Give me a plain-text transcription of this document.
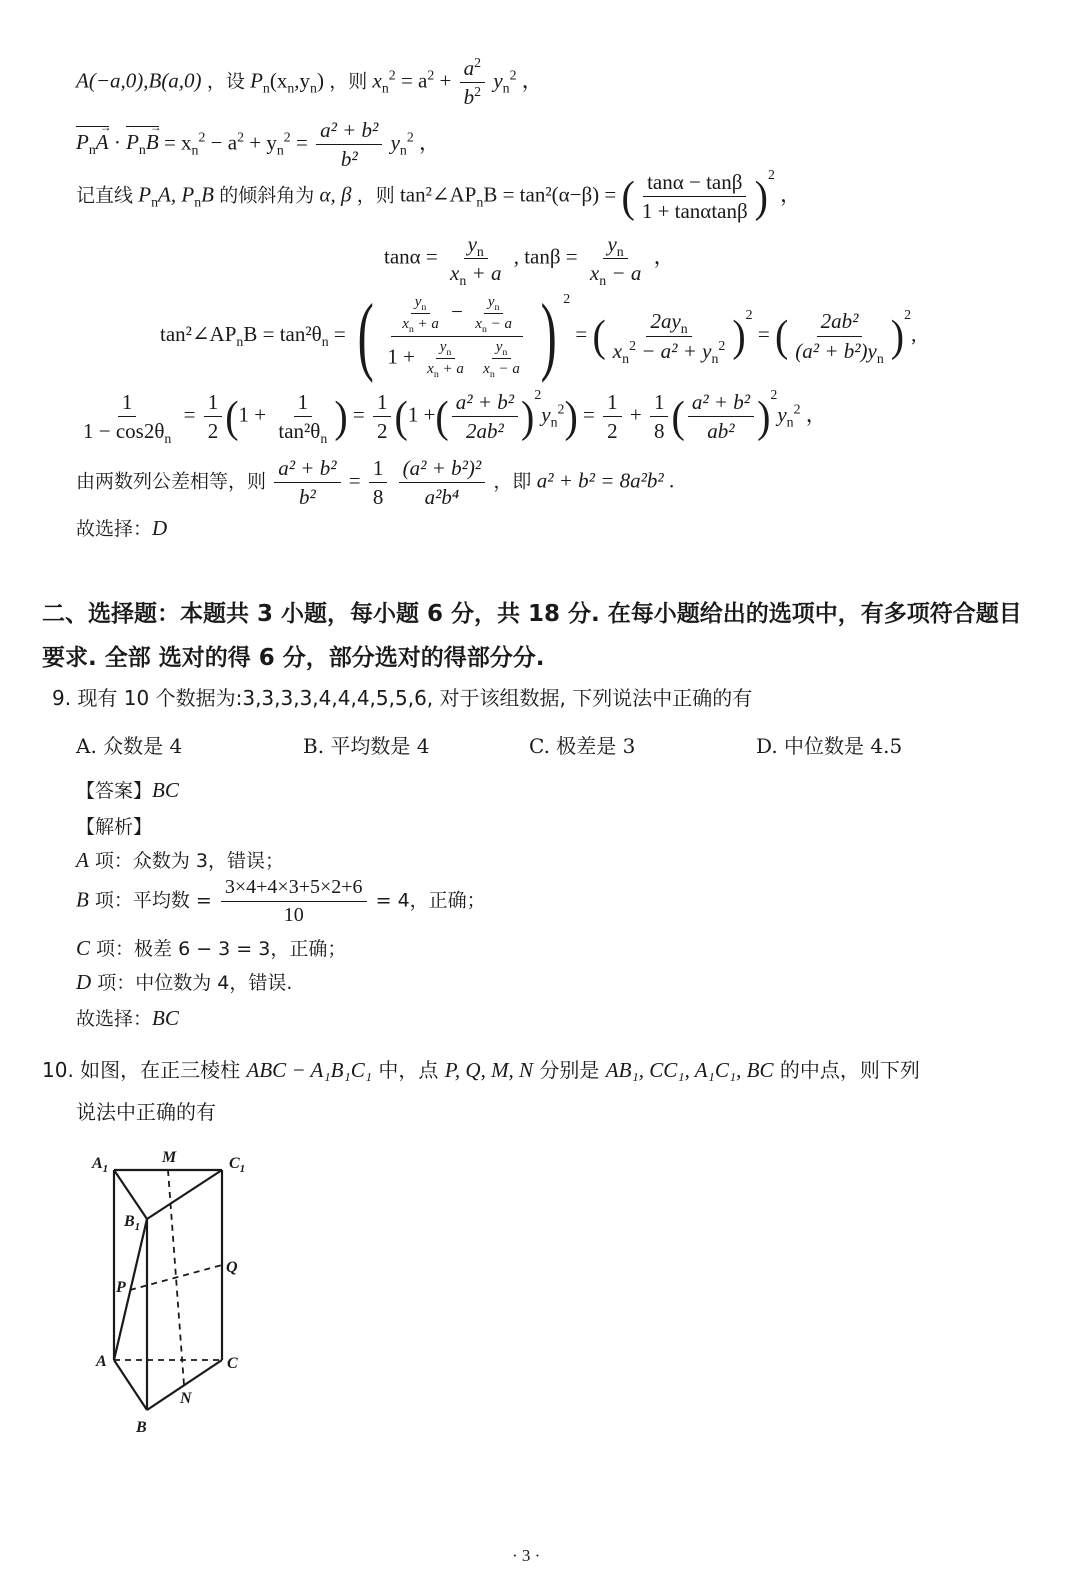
A(−a,0),B(a,0) ，设 $P_n(x_n,y_n)$ ，则 $x_n^2 = a^2 + \frac{a^2}{b^2} y_n^2$ ，
→
$P_nA$ ·
→
$P_nB = x_n^2 - a^2 + y_n^2 = \frac{\text{a² + b²}}{\text{b²}} y_n^2$ ，
记直线 $P_nA$, $P_nB$ 的倾斜角为 α, β ，则 $\tan^2\angle AP_nB = \tan^2(\alpha-\beta)$ = ( $\frac{\tan\alpha - \tan\beta}{1 + \tan\alpha\tan\beta} )^2$ ，
$\tan\alpha = \frac{y_n}{x_n + a}$ , $\tan\beta = \frac{y_n}{x_n - a}$ ，
$\tan^2\angle AP_nB = \tan^2\theta_n$ = ( $\frac{y_n}{x_n + a} - \frac{y_n}{x_n - a}$
$1 + \frac{y_n}{x_n + a}$
$\frac{y_n}{x_n - a}$ ) $^2$ = ( $\frac{2ay_n}{x_n^2 - a^2 + y_n^2} )^2$ = ( $\frac{\text{2ab²}}{(a^2 + b^2)y_n} )^2$,
$\frac{1}{1 - \cos 2\theta_n} = \frac{1}{2} (1 + \frac{1}{\tan^2\theta_n}$ ) = $\frac{1}{2} (1$ +( $\frac{\text{a² + b²}}{\text{2ab²}} )^2y_n^2) = \frac{1}{2} + \frac{1}{8}$ ( $\frac{\text{a² + b²}}{\text{ab²}} )^2y_n^2$ ，
由两数列公差相等，则 $\frac{\text{a² + b²}}{\text{b²}} = \frac{1}{8}$
$\frac{\text{(a² + b²)²}}{\text{a²b⁴}}$ ，即 a² + b² = 8a²b² .
故选择：D
二、选择题：本题共 3 小题，每小题 6 分，共 18 分. 在每小题给出的选项中，有多项符合题目要求. 全部 选对的得 6 分，部分选对的得部分分.
9. 现有 10 个数据为:3,3,3,3,4,4,4,5,5,6, 对于该组数据, 下列说法中正确的有
A. 众数是 4	B. 平均数是 4	C. 极差是 3	D. 中位数是 4.5
【答案】BC
【解析】
A 项：众数为 3，错误；
B 项：平均数 = $\frac{3\times 4+4\times 3+5\times 2+6}{10} = 4$，正确；
C 项：极差 6 − 3 = 3，正确；
D 项：中位数为 4，错误.
故选择：BC
10. 如图，在正三棱柱 ABC − A₁B₁C₁ 中，点 P, Q, M, N 分别是 AB₁, CC₁, A₁C₁, BC 的中点，则下列
说法中正确的有
$A_1$
M	$C_1$
$B_1$
Q
P
A	C
N
B
· 3 ·
